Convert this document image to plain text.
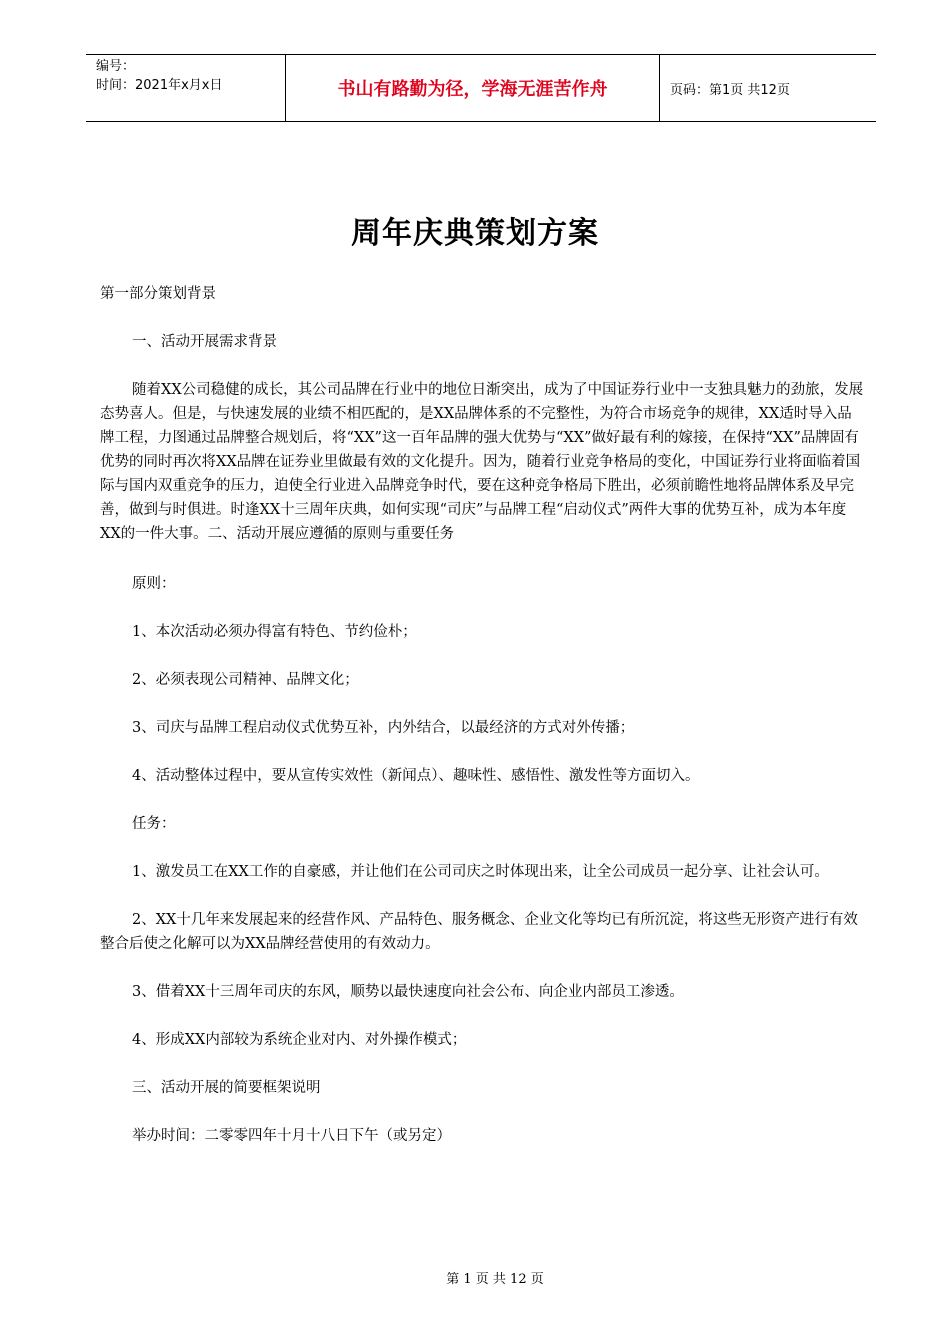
编号：
时间：2021年x月x日	书山有路勤为径，学海无涯苦作舟	页码：第1页 共12页
周年庆典策划方案

第一部分策划背景

一、活动开展需求背景

随着XX公司稳健的成长，其公司品牌在行业中的地位日渐突出，成为了中国证券行业中一支独具魅力的劲旅，发展态势喜人。但是，与快速发展的业绩不相匹配的，是XX品牌体系的不完整性，为符合市场竞争的规律，XX适时导入品牌工程，力图通过品牌整合规划后，将“XX”这一百年品牌的强大优势与“XX”做好最有利的嫁接，在保持“XX”品牌固有优势的同时再次将XX品牌在证券业里做最有效的文化提升。因为，随着行业竞争格局的变化，中国证券行业将面临着国际与国内双重竞争的压力，迫使全行业进入品牌竞争时代，要在这种竞争格局下胜出，必须前瞻性地将品牌体系及早完善，做到与时俱进。时逢XX十三周年庆典，如何实现“司庆”与品牌工程“启动仪式”两件大事的优势互补，成为本年度XX的一件大事。二、活动开展应遵循的原则与重要任务

原则：

1、本次活动必须办得富有特色、节约俭朴；

2、必须表现公司精神、品牌文化；

3、司庆与品牌工程启动仪式优势互补，内外结合，以最经济的方式对外传播；

4、活动整体过程中，要从宣传实效性（新闻点）、趣味性、感悟性、激发性等方面切入。

任务：

1、激发员工在XX工作的自豪感，并让他们在公司司庆之时体现出来，让全公司成员一起分享、让社会认可。

2、XX十几年来发展起来的经营作风、产品特色、服务概念、企业文化等均已有所沉淀，将这些无形资产进行有效整合后使之化解可以为XX品牌经营使用的有效动力。

3、借着XX十三周年司庆的东风，顺势以最快速度向社会公布、向企业内部员工渗透。

4、形成XX内部较为系统企业对内、对外操作模式；

三、活动开展的简要框架说明

举办时间：二零零四年十月十八日下午（或另定）

第 1 页 共 12 页
